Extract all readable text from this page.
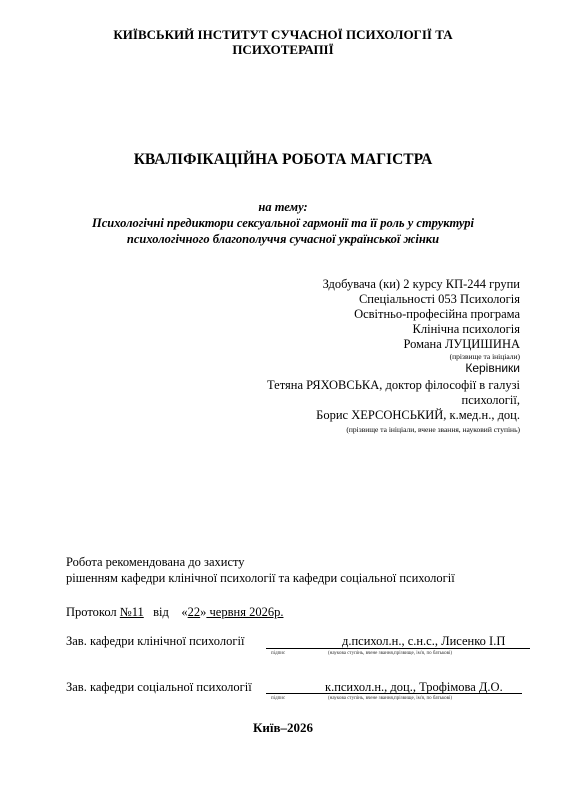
КИЇВСЬКИЙ ІНСТИТУТ СУЧАСНОЇ ПСИХОЛОГІЇ ТА
ПСИХОТЕРАПІЇ
КВАЛІФІКАЦІЙНА РОБОТА МАГІСТРА
на тему:
Психологічні предиктори сексуальної гармонії та її роль у структурі
психологічного благополуччя сучасної української жінки
Здобувача (ки) 2 курсу КП-244 групи
Спеціальності 053 Психологія
Освітньо-професійна програма
Клінічна психологія
Романа ЛУЦИШИНА
(прізвище та ініціали)
Керівники
Тетяна РЯХОВСЬКА, доктор філософії в галузі
психології,
Борис ХЕРСОНСЬКИЙ, к.мед.н., доц.
(прізвище та ініціали, вчене звання, науковий ступінь)
Робота рекомендована до захисту
рішенням кафедри клінічної психології та кафедри соціальної психології
Протокол №11 від «22» червня 2026р.
Зав. кафедри клінічної психології	д.психол.н., с.н.с., Лисенко І.П
підпис	(наукова ступінь, вчене звання,прізвище, ім'я, по батькові)
Зав. кафедри соціальної психології	к.психол.н., доц., Трофімова Д.О.
підпис	(наукова ступінь, вчене звання,прізвище, ім'я, по батькові)
Київ–2026
